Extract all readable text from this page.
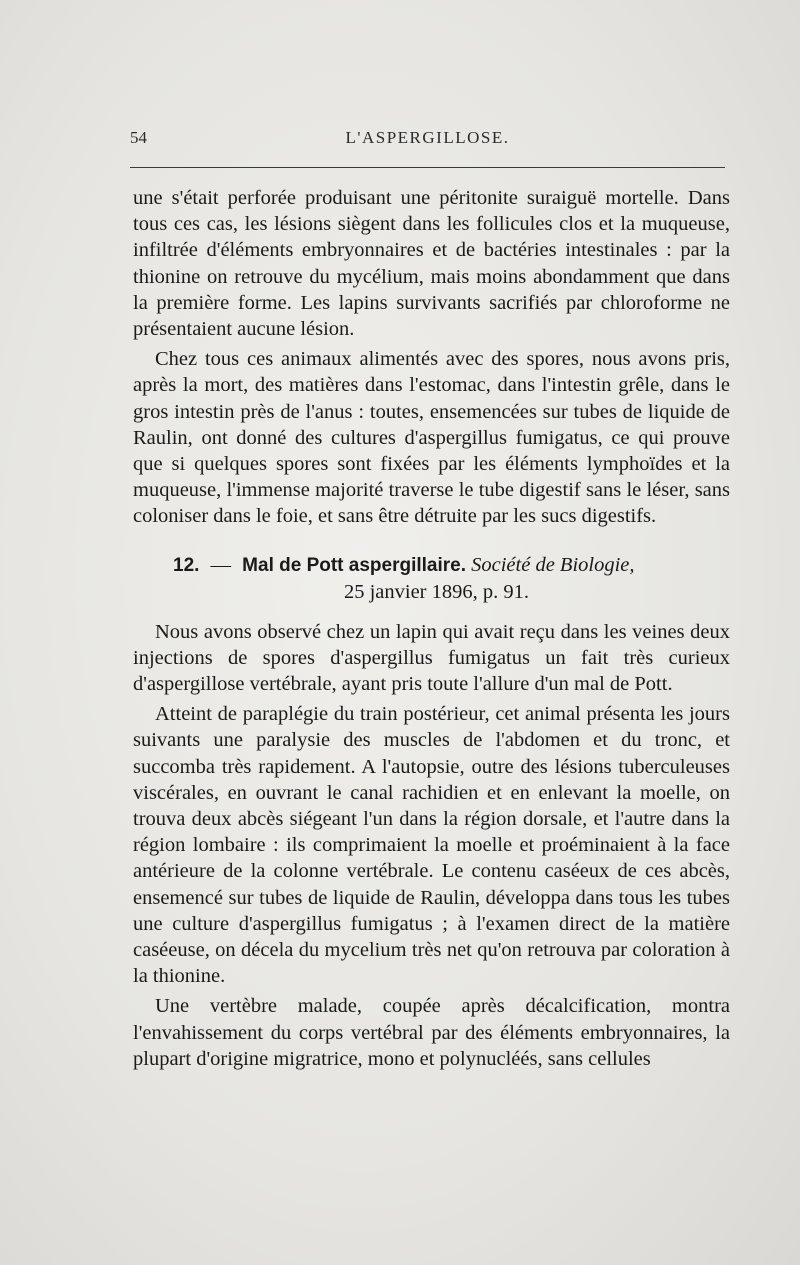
54	L'ASPERGILLOSE.

une s'était perforée produisant une péritonite suraiguë mortelle. Dans tous ces cas, les lésions siègent dans les follicules clos et la muqueuse, infiltrée d'éléments embryonnaires et de bactéries intestinales : par la thionine on retrouve du mycélium, mais moins abondamment que dans la première forme. Les lapins survivants sacrifiés par chloroforme ne présentaient aucune lésion.

Chez tous ces animaux alimentés avec des spores, nous avons pris, après la mort, des matières dans l'estomac, dans l'intestin grêle, dans le gros intestin près de l'anus : toutes, ensemencées sur tubes de liquide de Raulin, ont donné des cultures d'aspergillus fumigatus, ce qui prouve que si quelques spores sont fixées par les éléments lymphoïdes et la muqueuse, l'immense majorité traverse le tube digestif sans le léser, sans coloniser dans le foie, et sans être détruite par les sucs digestifs.

12. — Mal de Pott aspergillaire. Société de Biologie,
25 janvier 1896, p. 91.

Nous avons observé chez un lapin qui avait reçu dans les veines deux injections de spores d'aspergillus fumigatus un fait très curieux d'aspergillose vertébrale, ayant pris toute l'allure d'un mal de Pott.

Atteint de paraplégie du train postérieur, cet animal présenta les jours suivants une paralysie des muscles de l'abdomen et du tronc, et succomba très rapidement. A l'autopsie, outre des lésions tuberculeuses viscérales, en ouvrant le canal rachidien et en enlevant la moelle, on trouva deux abcès siégeant l'un dans la région dorsale, et l'autre dans la région lombaire : ils comprimaient la moelle et proéminaient à la face antérieure de la colonne vertébrale. Le contenu caséeux de ces abcès, ensemencé sur tubes de liquide de Raulin, développa dans tous les tubes une culture d'aspergillus fumigatus ; à l'examen direct de la matière caséeuse, on décela du mycelium très net qu'on retrouva par coloration à la thionine.

Une vertèbre malade, coupée après décalcification, montra l'envahissement du corps vertébral par des éléments embryonnaires, la plupart d'origine migratrice, mono et polynucléés, sans cellules
